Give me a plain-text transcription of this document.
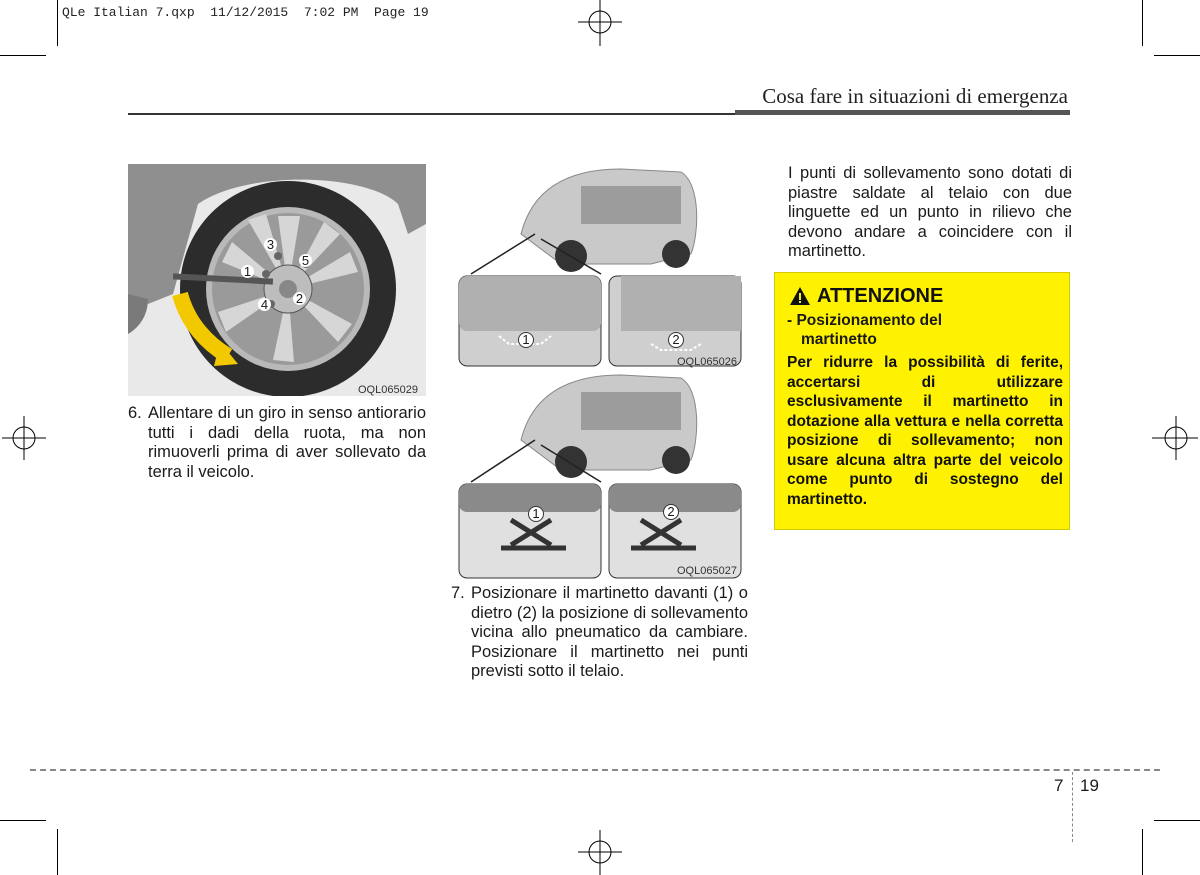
QLe Italian 7.qxp  11/12/2015  7:02 PM  Page 19
Cosa fare in situazioni di emergenza
OQL065029
3
1
5
2
4
6. Allentare di un giro in senso antiorario tutti i dadi della ruota, ma non rimuoverli prima di aver sollevato da terra il veicolo.
1	2
OQL065026
1	2
OQL065027
7. Posizionare il martinetto davanti (1) o dietro (2) la posizione di sollevamento vicina allo pneumatico da cambiare. Posizionare il martinetto nei punti previsti sotto il telaio.
I punti di sollevamento sono dotati di piastre saldate al telaio con due linguette ed un punto in rilievo che devono andare a coincidere con il martinetto.
ATTENZIONE
- Posizionamento del
martinetto
Per ridurre la possibilità di ferite, accertarsi di utilizzare esclusivamente il martinetto in dotazione alla vettura e nella corretta posizione di sollevamento; non usare alcuna altra parte del veicolo come punto di sostegno del martinetto.
7 19
